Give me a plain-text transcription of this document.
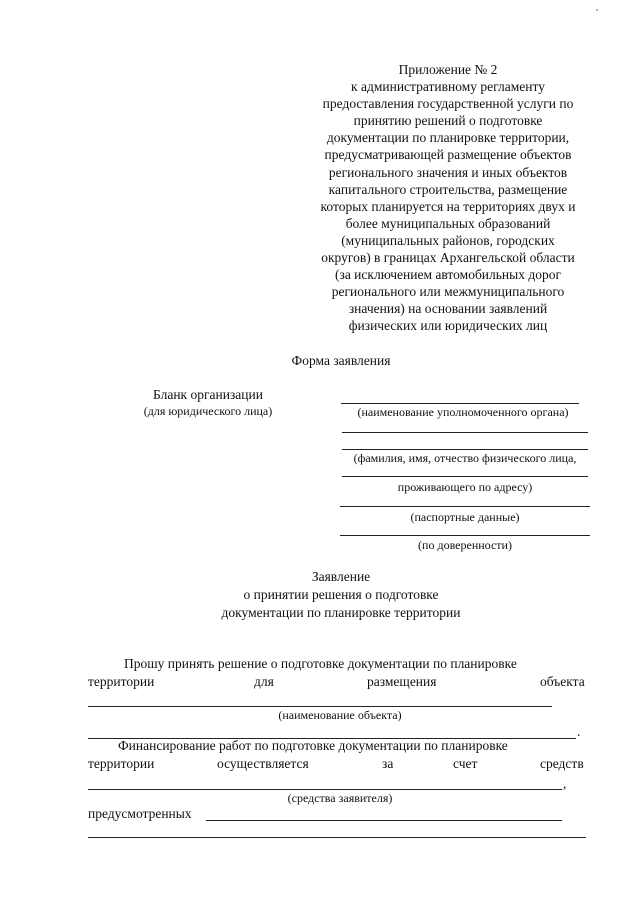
Приложение № 2
к административному регламенту
предоставления государственной услуги по
принятию решений о подготовке
документации по планировке территории,
предусматривающей размещение объектов
регионального значения и иных объектов
капитального строительства, размещение
которых планируется на территориях двух и
более муниципальных образований
(муниципальных районов, городских
округов) в границах Архангельской области
(за исключением автомобильных дорог
регионального или межмуниципального
значения) на основании заявлений
физических или юридических лиц
Форма заявления
Бланк организации
(для юридического лица)	(наименование уполномоченного органа)
(фамилия, имя, отчество физического лица,
проживающего по адресу)
(паспортные данные)
(по доверенности)
Заявление
о принятии решения о подготовке
документации по планировке территории
Прошу принять решение о подготовке документации по планировке
территории	для	размещения	объекта
(наименование объекта)
.
Финансирование работ по подготовке документации по планировке
территории	осуществляется	за	счет	средств
,
(средства заявителя)
предусмотренных
